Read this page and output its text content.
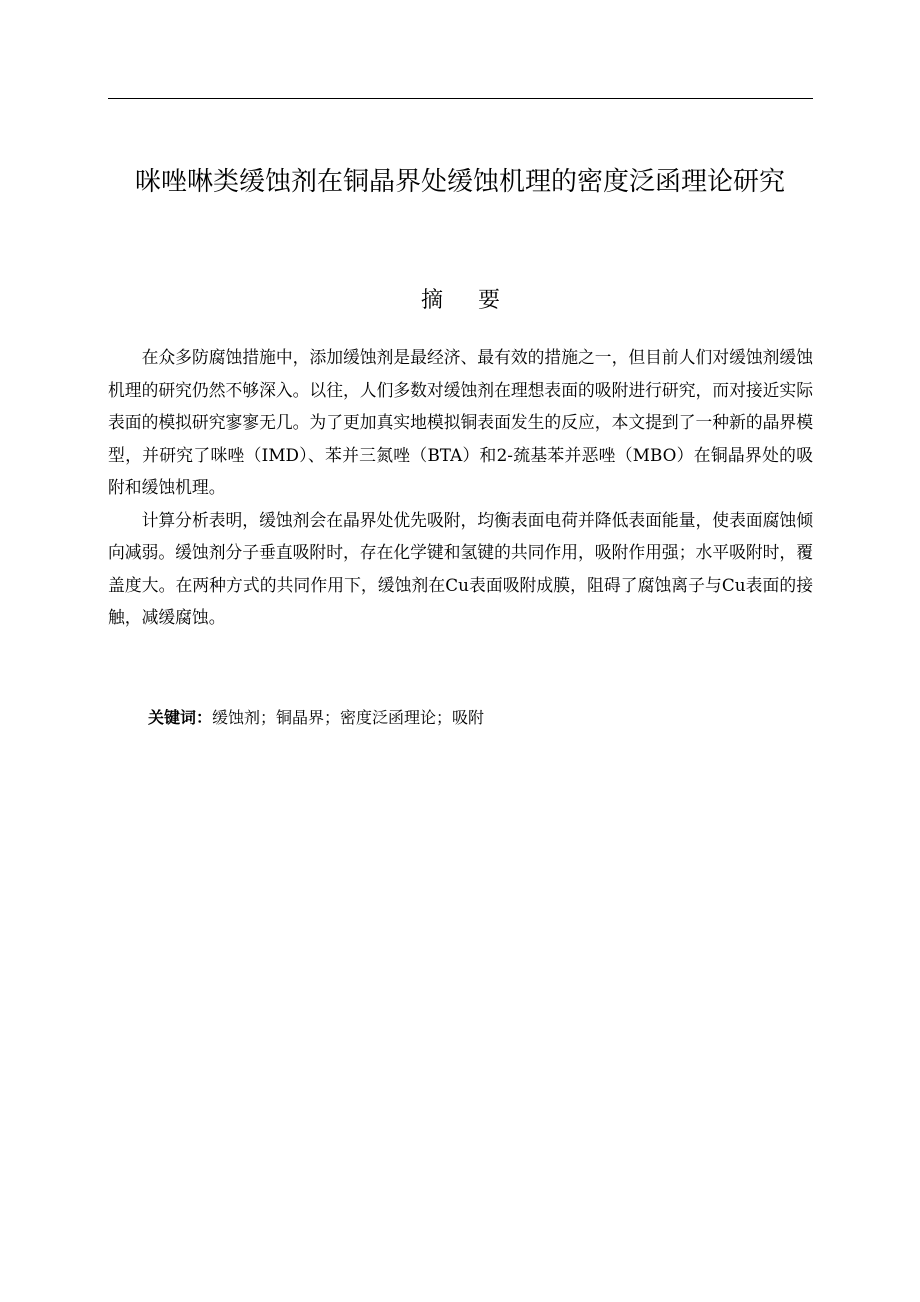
咪唑啉类缓蚀剂在铜晶界处缓蚀机理的密度泛函理论研究
摘 要

在众多防腐蚀措施中，添加缓蚀剂是最经济、最有效的措施之一，但目前人们对缓蚀剂缓蚀机理的研究仍然不够深入。以往，人们多数对缓蚀剂在理想表面的吸附进行研究，而对接近实际表面的模拟研究寥寥无几。为了更加真实地模拟铜表面发生的反应，本文提到了一种新的晶界模型，并研究了咪唑（IMD）、苯并三氮唑（BTA）和2-巯基苯并恶唑（MBO）在铜晶界处的吸附和缓蚀机理。

计算分析表明，缓蚀剂会在晶界处优先吸附，均衡表面电荷并降低表面能量，使表面腐蚀倾向减弱。缓蚀剂分子垂直吸附时，存在化学键和氢键的共同作用，吸附作用强；水平吸附时，覆盖度大。在两种方式的共同作用下，缓蚀剂在Cu表面吸附成膜，阻碍了腐蚀离子与Cu表面的接触，减缓腐蚀。

关键词：缓蚀剂；铜晶界；密度泛函理论；吸附
